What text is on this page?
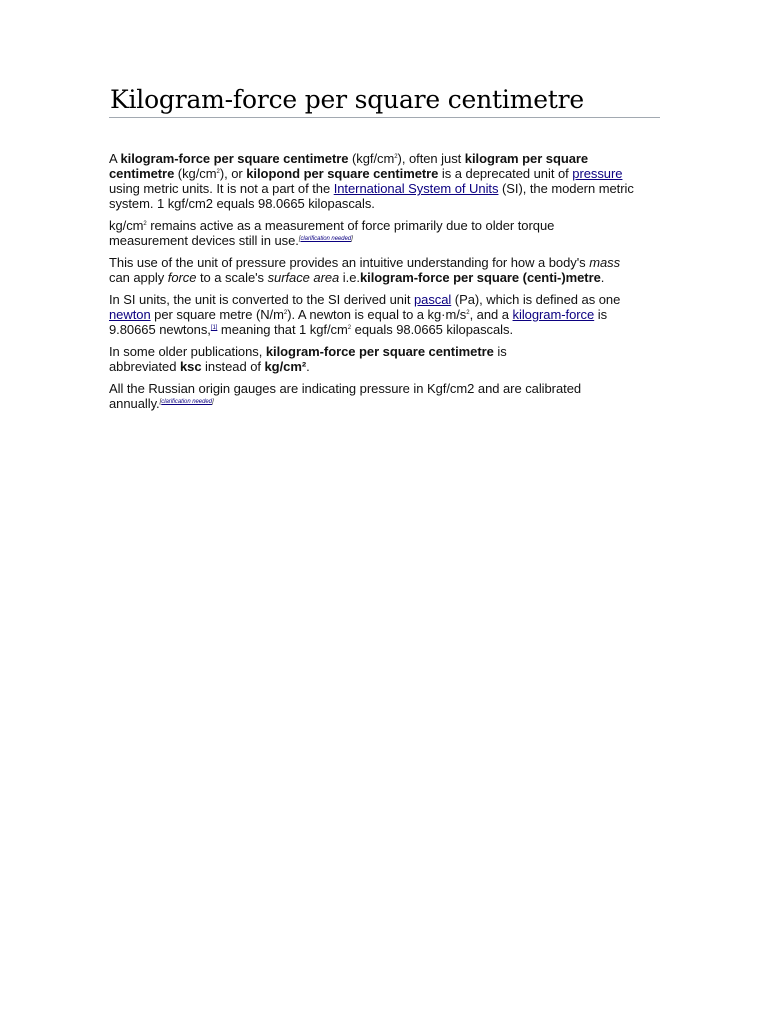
Kilogram-force per square centimetre

A kilogram-force per square centimetre $(kgf/cm^2)$, often just kilogram per square centimetre $(kg/cm^2)$, or kilopond per square centimetre is a deprecated unit of pressure using metric units. It is not a part of the International System of Units (SI), the modern metric system. 1 kgf/cm2 equals 98.0665 kilopascals.

$kg/cm^2$ remains active as a measurement of force primarily due to older torque measurement devices still in use.[clarification needed]

This use of the unit of pressure provides an intuitive understanding for how a body's mass can apply force to a scale's surface area i.e.kilogram-force per square (centi-)metre.

In SI units, the unit is converted to the SI derived unit pascal (Pa), which is defined as one newton per square metre $(N/m^2)$. A newton is equal to a $kg\cdot m/s^2$, and a kilogram-force is 9.80665 newtons,[1] meaning that 1 kgf/$cm^2$ equals 98.0665 kilopascals.

In some older publications, kilogram-force per square centimetre is abbreviated ksc instead of kg/cm².

All the Russian origin gauges are indicating pressure in Kgf/cm2 and are calibrated annually.[clarification needed]
